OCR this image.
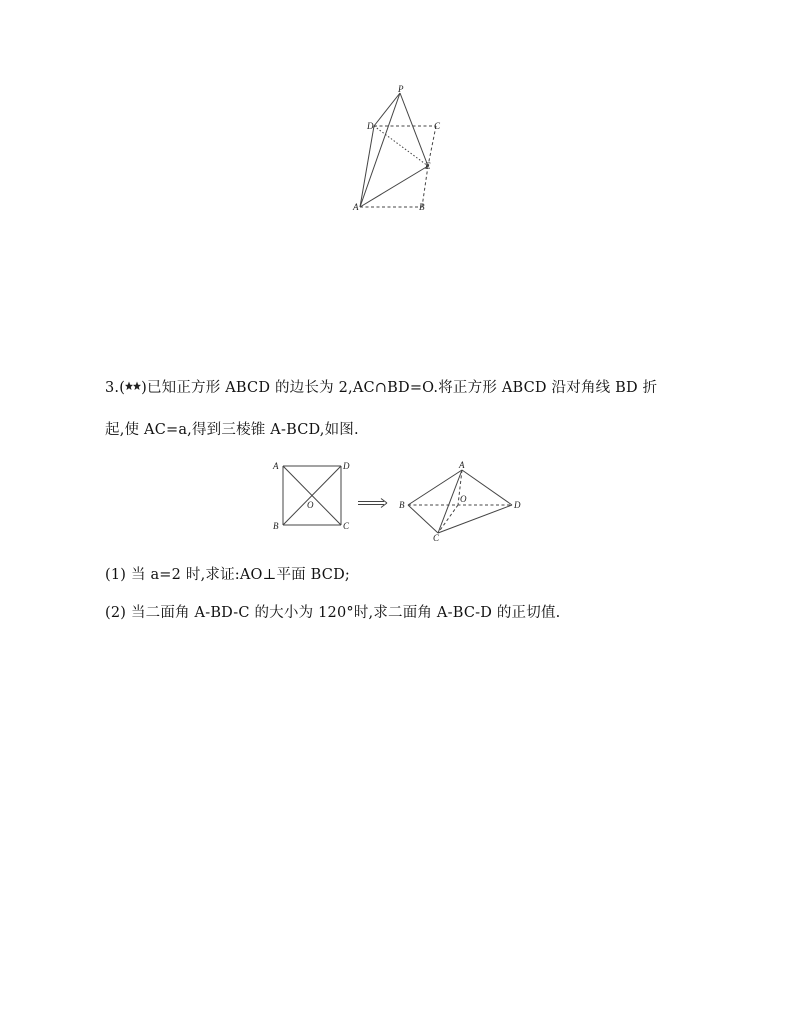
P
D	C
E
A	B
3.( )已知正方形 ABCD 的边长为 2,AC∩BD=O.将正方形 ABCD 沿对角线 BD 折
起,使 AC=a,得到三棱锥 A-BCD,如图.
A	D
B	C
O
A
B
O
D
C
(1) 当 a=2 时,求证:AO⊥平面 BCD;
(2) 当二面角 A-BD-C 的大小为 120°时,求二面角 A-BC-D 的正切值.
